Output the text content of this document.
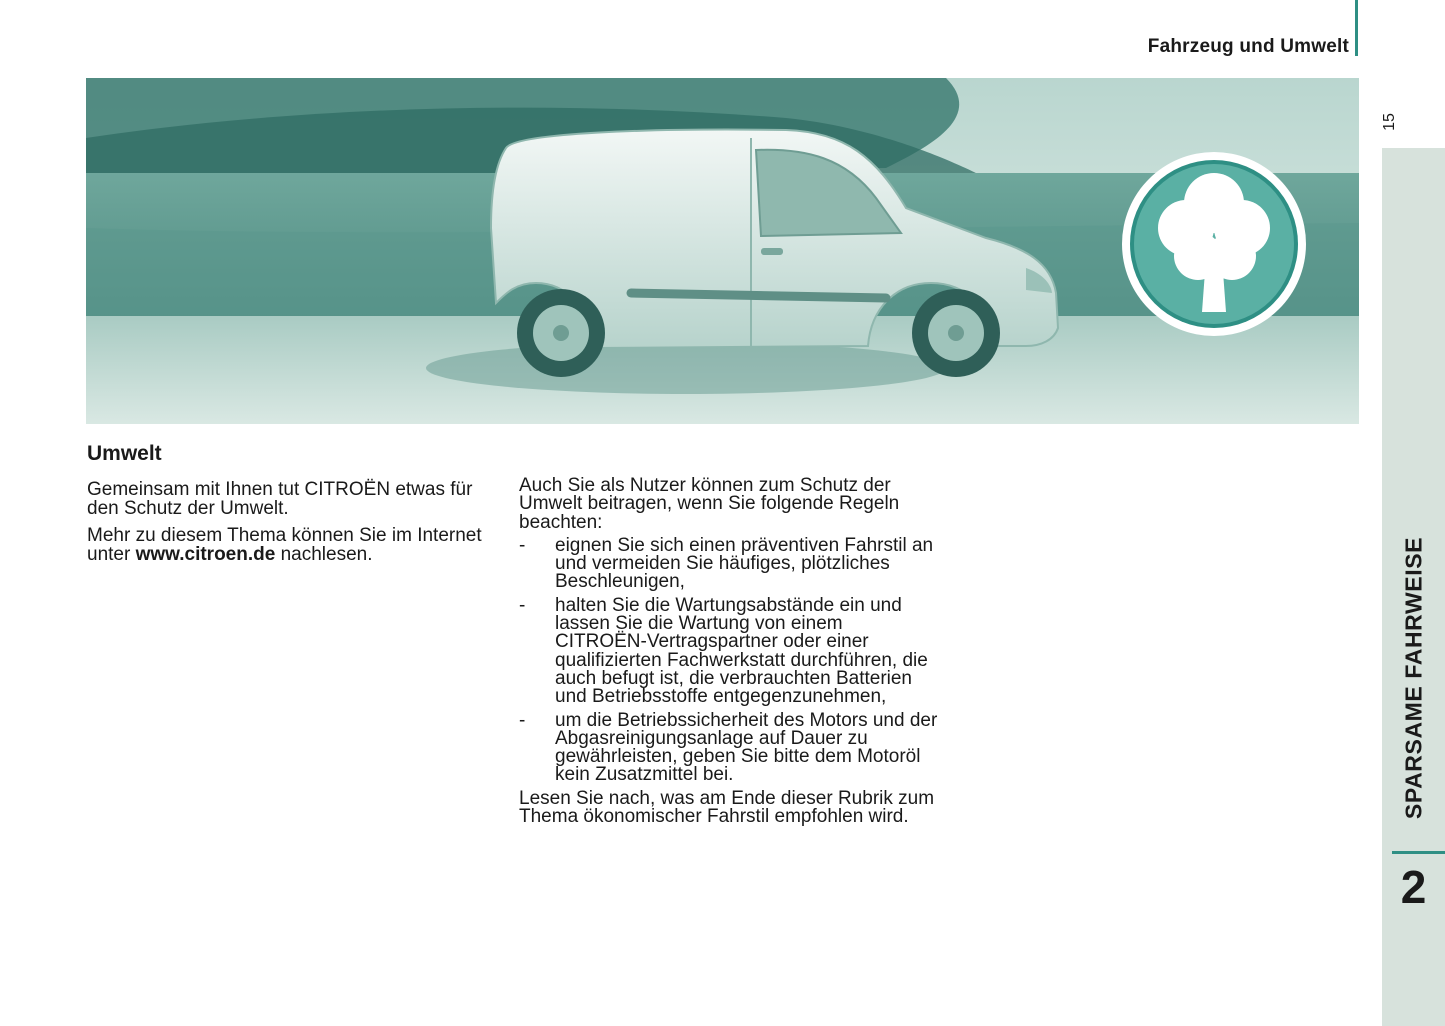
Fahrzeug und Umwelt
15
SPARSAME FAHRWEISE
2
Umwelt

Gemeinsam mit Ihnen tut CITROËN etwas für den Schutz der Umwelt.

Mehr zu diesem Thema können Sie im Internet unter www.citroen.de nachlesen.

Auch Sie als Nutzer können zum Schutz der Umwelt beitragen, wenn Sie folgende Regeln beachten:

- eignen Sie sich einen präventiven Fahrstil an und vermeiden Sie häufiges, plötzliches Beschleunigen,
- halten Sie die Wartungsabstände ein und lassen Sie die Wartung von einem CITROËN-Vertragspartner oder einer qualifizierten Fachwerkstatt durchführen, die auch befugt ist, die verbrauchten Batterien und Betriebsstoffe entgegenzunehmen,
- um die Betriebssicherheit des Motors und der Abgasreinigungsanlage auf Dauer zu gewährleisten, geben Sie bitte dem Motoröl kein Zusatzmittel bei.

Lesen Sie nach, was am Ende dieser Rubrik zum Thema ökonomischer Fahrstil empfohlen wird.
